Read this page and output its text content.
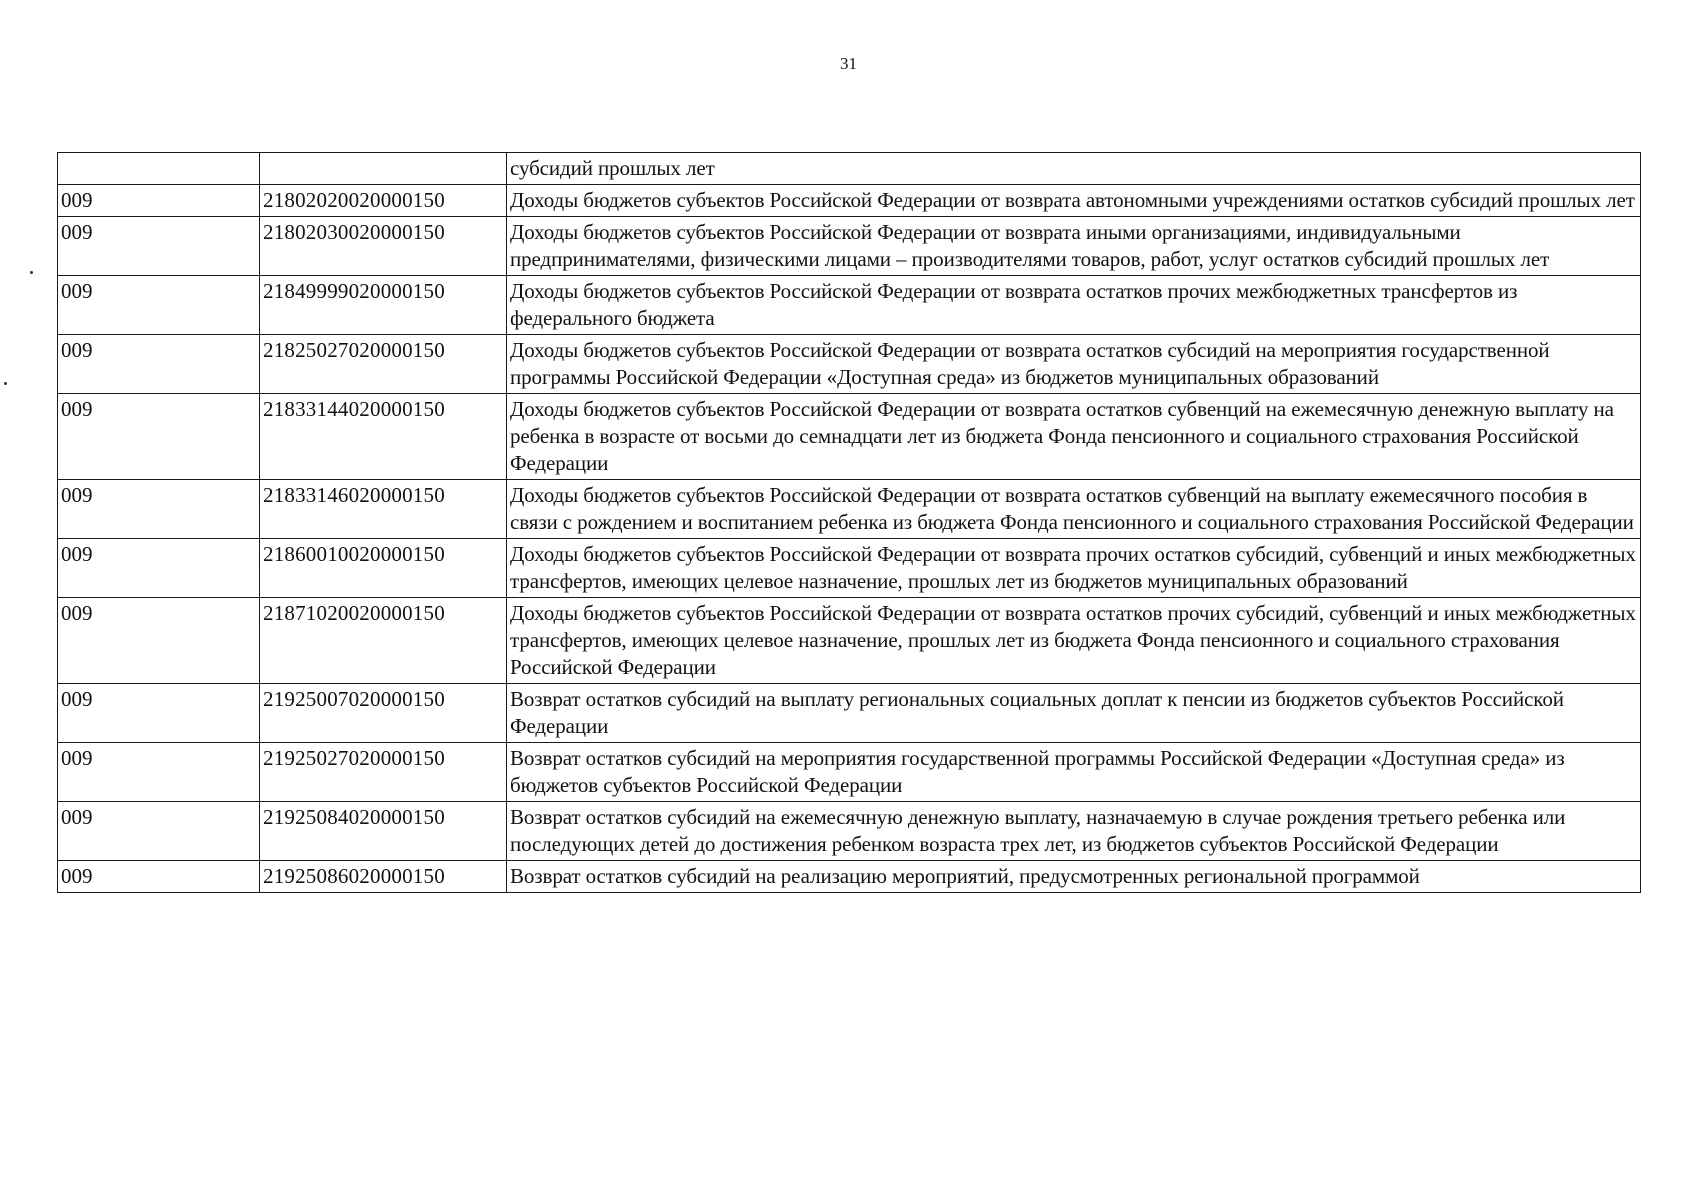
31
		субсидий прошлых лет
009	21802020020000150	Доходы бюджетов субъектов Российской Федерации от возврата автономными учреждениями остатков субсидий прошлых лет
009	21802030020000150	Доходы бюджетов субъектов Российской Федерации от возврата иными организациями, индивидуальными предпринимателями, физическими лицами – производителями товаров, работ, услуг остатков субсидий прошлых лет
009	21849999020000150	Доходы бюджетов субъектов Российской Федерации от возврата остатков прочих межбюджетных трансфертов из федерального бюджета
009	21825027020000150	Доходы бюджетов субъектов Российской Федерации от возврата остатков субсидий на мероприятия государственной программы Российской Федерации «Доступная среда» из бюджетов муниципальных образований
009	21833144020000150	Доходы бюджетов субъектов Российской Федерации от возврата остатков субвенций на ежемесячную денежную выплату на ребенка в возрасте от восьми до семнадцати лет из бюджета Фонда пенсионного и социального страхования Российской Федерации
009	21833146020000150	Доходы бюджетов субъектов Российской Федерации от возврата остатков субвенций на выплату ежемесячного пособия в связи с рождением и воспитанием ребенка из бюджета Фонда пенсионного и социального страхования Российской Федерации
009	21860010020000150	Доходы бюджетов субъектов Российской Федерации от возврата прочих остатков субсидий, субвенций и иных межбюджетных трансфертов, имеющих целевое назначение, прошлых лет из бюджетов муниципальных образований
009	21871020020000150	Доходы бюджетов субъектов Российской Федерации от возврата остатков прочих субсидий, субвенций и иных межбюджетных трансфертов, имеющих целевое назначение, прошлых лет из бюджета Фонда пенсионного и социального страхования Российской Федерации
009	21925007020000150	Возврат остатков субсидий на выплату региональных социальных доплат к пенсии из бюджетов субъектов Российской Федерации
009	21925027020000150	Возврат остатков субсидий на мероприятия государственной программы Российской Федерации «Доступная среда» из бюджетов субъектов Российской Федерации
009	21925084020000150	Возврат остатков субсидий на ежемесячную денежную выплату, назначаемую в случае рождения третьего ребенка или последующих детей до достижения ребенком возраста трех лет, из бюджетов субъектов Российской Федерации
009	21925086020000150	Возврат остатков субсидий на реализацию мероприятий, предусмотренных региональной программой
